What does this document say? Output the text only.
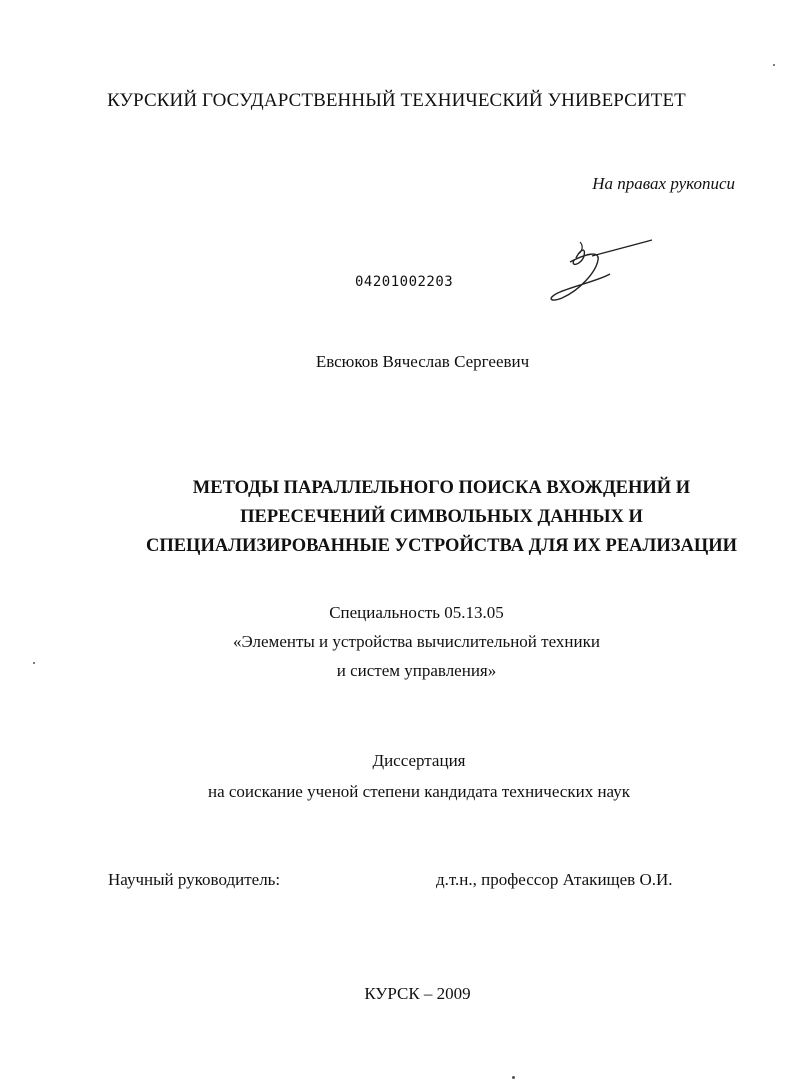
КУРСКИЙ ГОСУДАРСТВЕННЫЙ ТЕХНИЧЕСКИЙ УНИВЕРСИТЕТ
На правах рукописи
04201002203
Евсюков Вячеслав Сергеевич
МЕТОДЫ ПАРАЛЛЕЛЬНОГО ПОИСКА ВХОЖДЕНИЙ И
ПЕРЕСЕЧЕНИЙ СИМВОЛЬНЫХ ДАННЫХ И
СПЕЦИАЛИЗИРОВАННЫЕ УСТРОЙСТВА ДЛЯ ИХ РЕАЛИЗАЦИИ
Специальность 05.13.05
«Элементы и устройства вычислительной техники
и систем управления»
Диссертация
на соискание ученой степени кандидата технических наук
Научный руководитель:	д.т.н., профессор Атакищев О.И.
КУРСК – 2009
